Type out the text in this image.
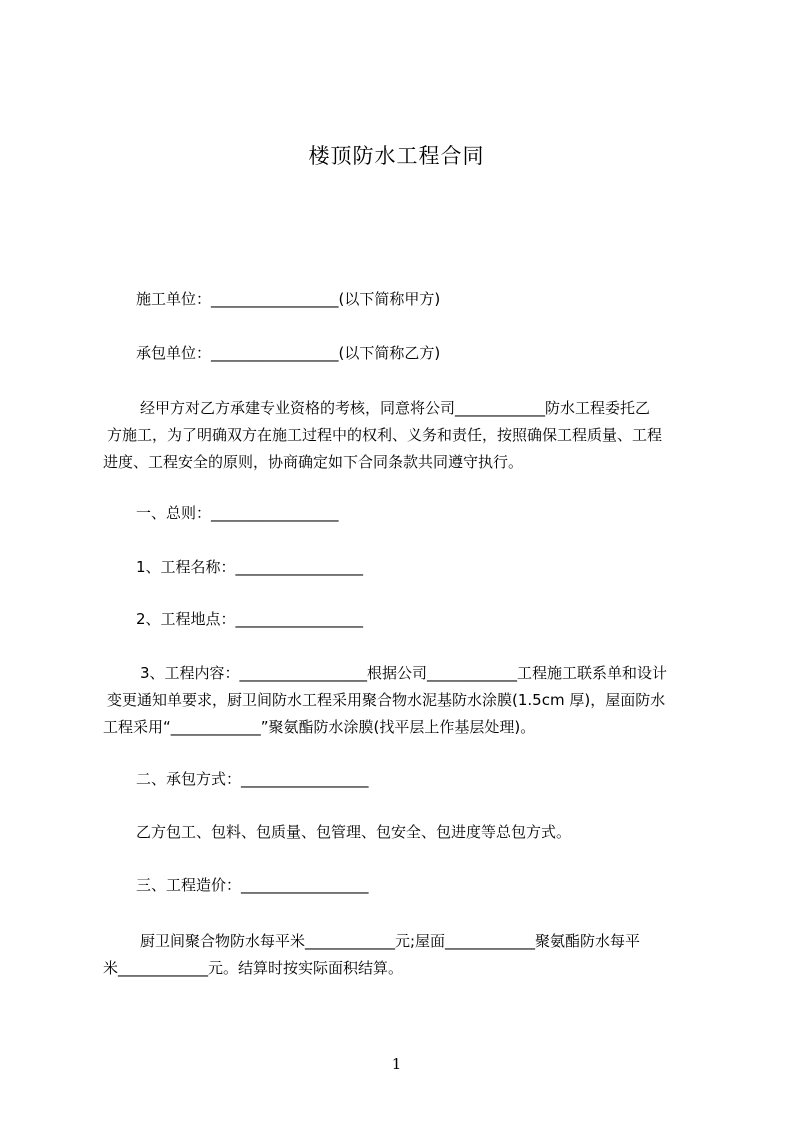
楼顶防水工程合同
施工单位：_________________(以下简称甲方)
承包单位：_________________(以下简称乙方)
经甲方对乙方承建专业资格的考核，同意将公司____________防水工程委托乙
方施工，为了明确双方在施工过程中的权利、义务和责任，按照确保工程质量、工程
进度、工程安全的原则，协商确定如下合同条款共同遵守执行。
一、总则：_________________
1、工程名称：_________________
2、工程地点：_________________
3、工程内容：_________________根据公司____________工程施工联系单和设计
变更通知单要求，厨卫间防水工程采用聚合物水泥基防水涂膜(1.5cm 厚)，屋面防水
工程采用“____________”聚氨酯防水涂膜(找平层上作基层处理)。
二、承包方式：_________________
乙方包工、包料、包质量、包管理、包安全、包进度等总包方式。
三、工程造价：_________________
厨卫间聚合物防水每平米____________元;屋面____________聚氨酯防水每平
米____________元。结算时按实际面积结算。
1
